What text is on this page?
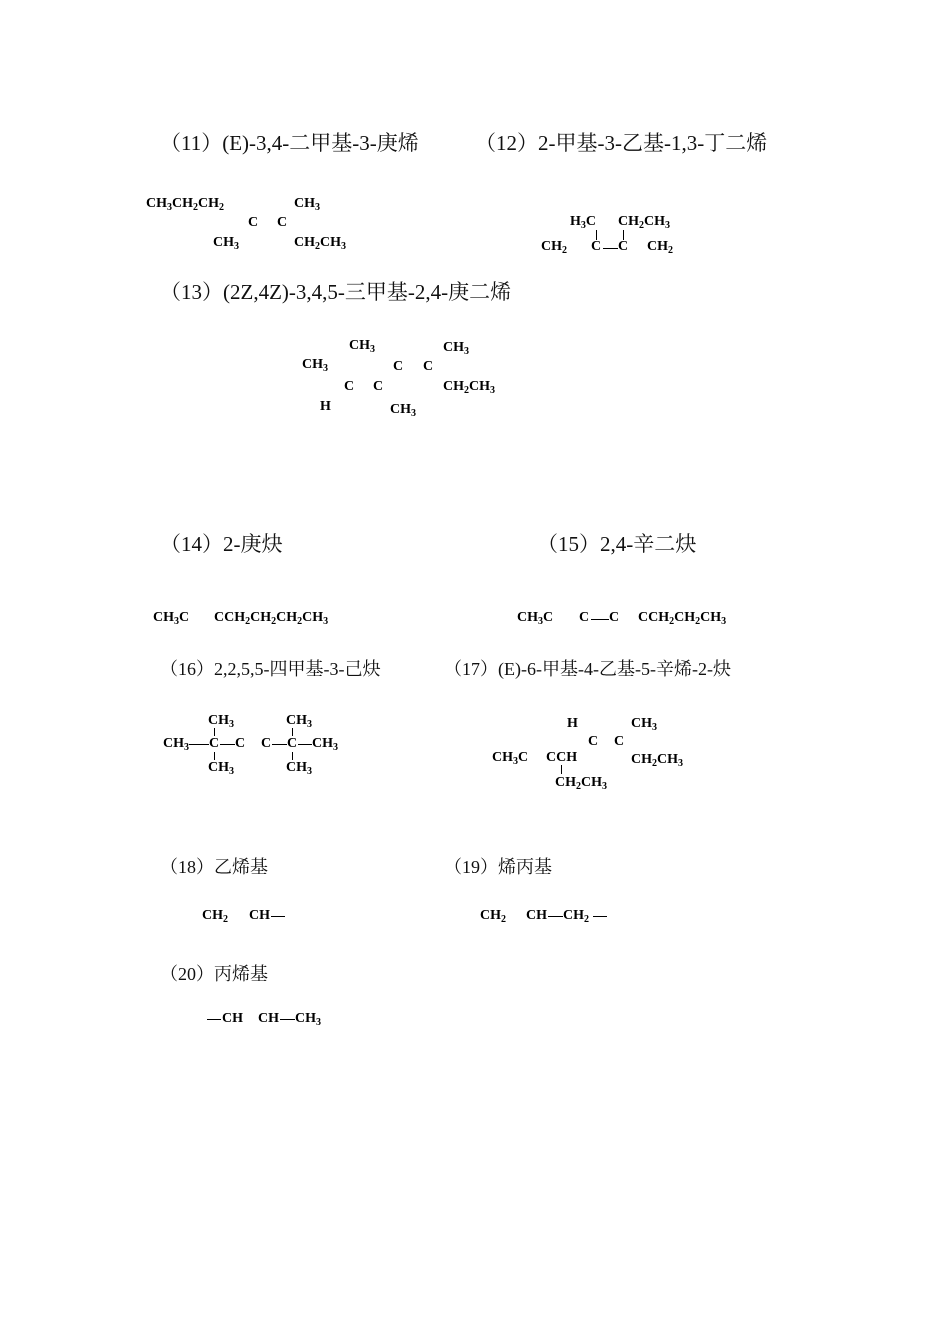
（11）(E)-3,4-二甲基-3-庚烯	（12）2-甲基-3-乙基-1,3-丁二烯
（13）(2Z,4Z)-3,4,5-三甲基-2,4-庚二烯
（14）2-庚炔	（15）2,4-辛二炔
（16）2,2,5,5-四甲基-3-己炔	（17）(E)-6-甲基-4-乙基-5-辛烯-2-炔
（18）乙烯基	（19）烯丙基
（20）丙烯基
$CH_3CH_2CH_2$
C C
$CH_3$
$CH_3$	$CH_2CH_3$
$H_3C$ $CH_2CH_3$
$CH_2$ C C $CH_2$
$CH_3$	$CH_3$
$CH_3$	C C
C C	$CH_2CH_3$
H	$CH_3$
$CH_3C$ $CCH_2CH_2CH_2CH_3$	$CH_3C$ C C $CCH_2CH_2CH_3$
$CH_3$	$CH_3$
$CH_3$ C C C C $CH_3$
$CH_3$	$CH_3$
H	$CH_3$
C C
$CH_3C$ CCH	$CH_2CH_3$
$CH_2CH_3$
$CH_2$ CH	$CH_2$ CH $CH_2$
CH CH $CH_3$
